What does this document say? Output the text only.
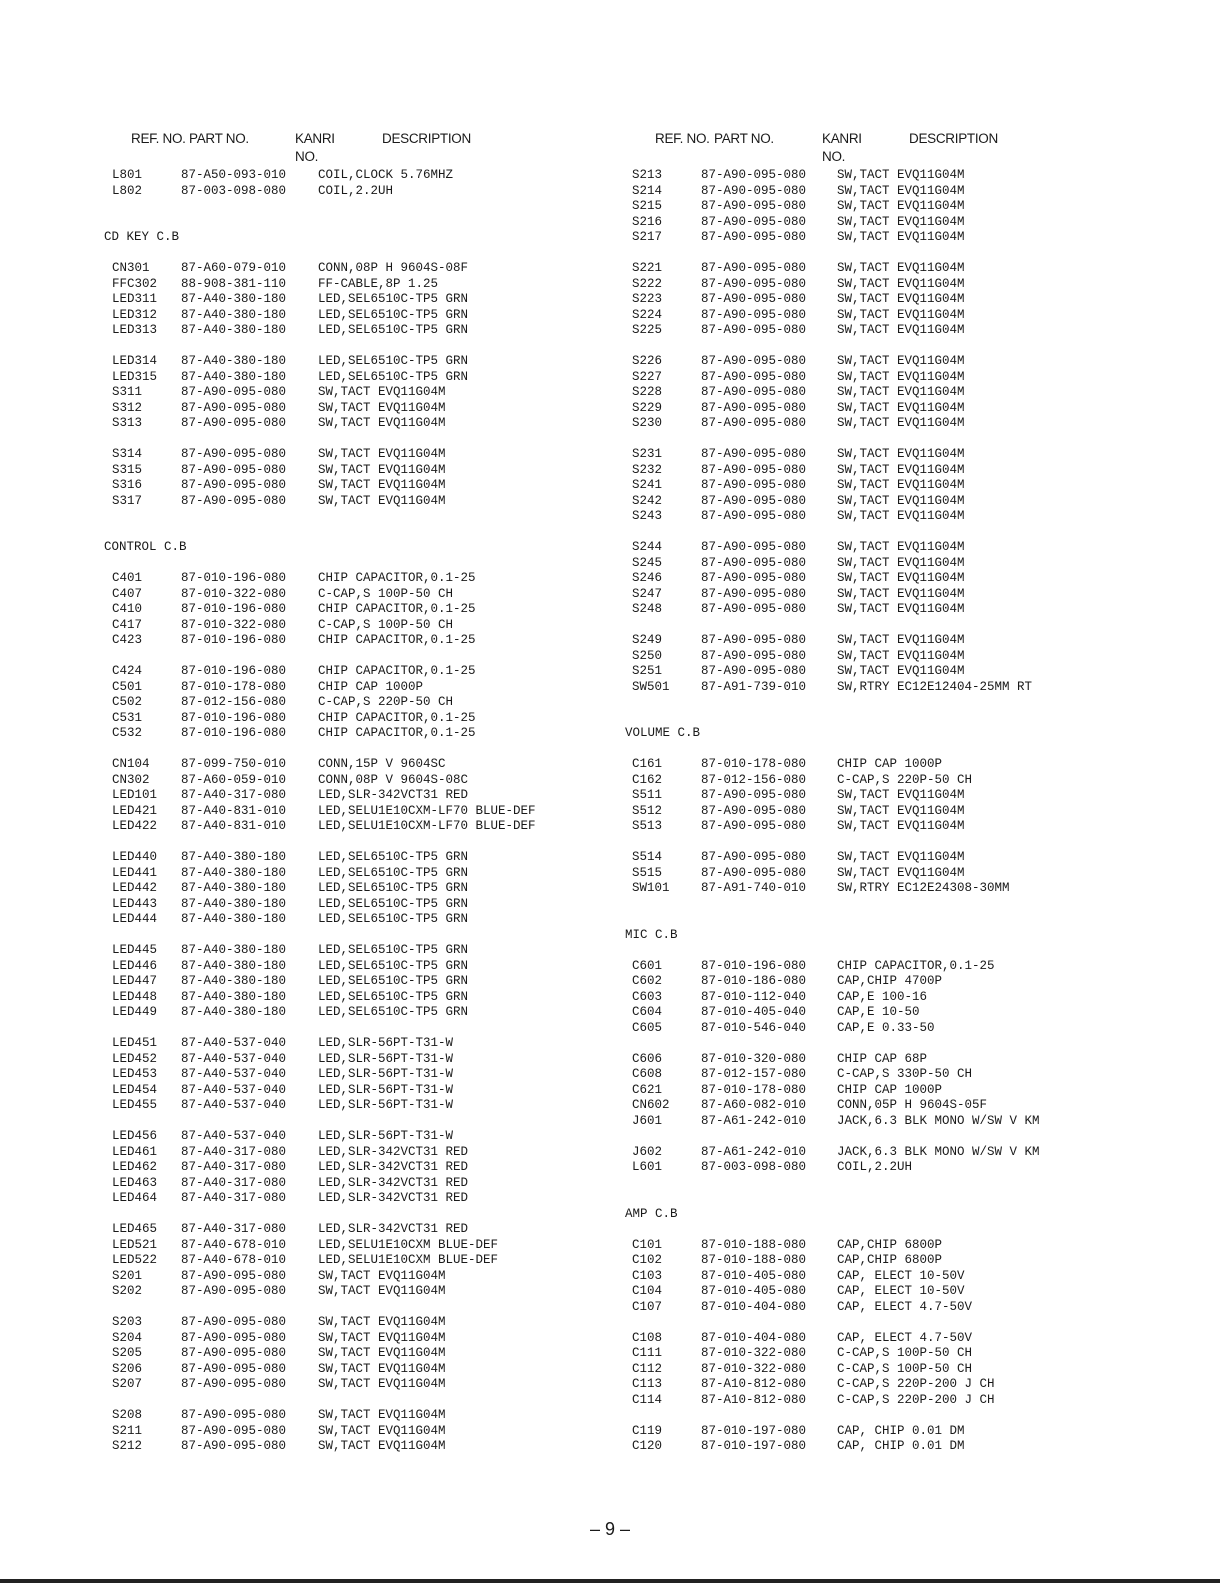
REF. NO. PART NO.	KANRI
NO.
DESCRIPTION
L801	87-A50-093-010	COIL,CLOCK 5.76MHZ
L802	87-003-098-080	COIL,2.2UH
CD KEY C.B
CN301	87-A60-079-010	CONN,08P H 9604S-08F
FFC302 88-908-381-110	FF-CABLE,8P 1.25
LED311 87-A40-380-180	LED,SEL6510C-TP5 GRN
LED312 87-A40-380-180	LED,SEL6510C-TP5 GRN
LED313 87-A40-380-180	LED,SEL6510C-TP5 GRN
LED314 87-A40-380-180	LED,SEL6510C-TP5 GRN
LED315 87-A40-380-180	LED,SEL6510C-TP5 GRN
S311	87-A90-095-080	SW,TACT EVQ11G04M
S312	87-A90-095-080	SW,TACT EVQ11G04M
S313	87-A90-095-080	SW,TACT EVQ11G04M
S314	87-A90-095-080	SW,TACT EVQ11G04M
S315	87-A90-095-080	SW,TACT EVQ11G04M
S316	87-A90-095-080	SW,TACT EVQ11G04M
S317	87-A90-095-080	SW,TACT EVQ11G04M
CONTROL C.B
C401	87-010-196-080	CHIP CAPACITOR,0.1-25
C407	87-010-322-080	C-CAP,S 100P-50 CH
C410	87-010-196-080	CHIP CAPACITOR,0.1-25
C417	87-010-322-080	C-CAP,S 100P-50 CH
C423	87-010-196-080	CHIP CAPACITOR,0.1-25
C424	87-010-196-080	CHIP CAPACITOR,0.1-25
C501	87-010-178-080	CHIP CAP 1000P
C502	87-012-156-080	C-CAP,S 220P-50 CH
C531	87-010-196-080	CHIP CAPACITOR,0.1-25
C532	87-010-196-080	CHIP CAPACITOR,0.1-25
CN104	87-099-750-010	CONN,15P V 9604SC
CN302	87-A60-059-010	CONN,08P V 9604S-08C
LED101 87-A40-317-080	LED,SLR-342VCT31 RED
LED421 87-A40-831-010	LED,SELU1E10CXM-LF70 BLUE-DEF
LED422 87-A40-831-010	LED,SELU1E10CXM-LF70 BLUE-DEF
LED440 87-A40-380-180	LED,SEL6510C-TP5 GRN
LED441 87-A40-380-180	LED,SEL6510C-TP5 GRN
LED442 87-A40-380-180	LED,SEL6510C-TP5 GRN
LED443 87-A40-380-180	LED,SEL6510C-TP5 GRN
LED444 87-A40-380-180	LED,SEL6510C-TP5 GRN
LED445 87-A40-380-180	LED,SEL6510C-TP5 GRN
LED446 87-A40-380-180	LED,SEL6510C-TP5 GRN
LED447 87-A40-380-180	LED,SEL6510C-TP5 GRN
LED448 87-A40-380-180	LED,SEL6510C-TP5 GRN
LED449 87-A40-380-180	LED,SEL6510C-TP5 GRN
LED451 87-A40-537-040	LED,SLR-56PT-T31-W
LED452 87-A40-537-040	LED,SLR-56PT-T31-W
LED453 87-A40-537-040	LED,SLR-56PT-T31-W
LED454 87-A40-537-040	LED,SLR-56PT-T31-W
LED455 87-A40-537-040	LED,SLR-56PT-T31-W
LED456 87-A40-537-040	LED,SLR-56PT-T31-W
LED461 87-A40-317-080	LED,SLR-342VCT31 RED
LED462 87-A40-317-080	LED,SLR-342VCT31 RED
LED463 87-A40-317-080	LED,SLR-342VCT31 RED
LED464 87-A40-317-080	LED,SLR-342VCT31 RED
LED465 87-A40-317-080	LED,SLR-342VCT31 RED
LED521 87-A40-678-010	LED,SELU1E10CXM BLUE-DEF
LED522 87-A40-678-010	LED,SELU1E10CXM BLUE-DEF
S201	87-A90-095-080	SW,TACT EVQ11G04M
S202	87-A90-095-080	SW,TACT EVQ11G04M
S203	87-A90-095-080	SW,TACT EVQ11G04M
S204	87-A90-095-080	SW,TACT EVQ11G04M
S205	87-A90-095-080	SW,TACT EVQ11G04M
S206	87-A90-095-080	SW,TACT EVQ11G04M
S207	87-A90-095-080	SW,TACT EVQ11G04M
S208	87-A90-095-080	SW,TACT EVQ11G04M
S211	87-A90-095-080	SW,TACT EVQ11G04M
S212	87-A90-095-080	SW,TACT EVQ11G04M
REF. NO. PART NO.	KANRI
NO.
DESCRIPTION
S213	87-A90-095-080 SW,TACT EVQ11G04M
S214	87-A90-095-080 SW,TACT EVQ11G04M
S215	87-A90-095-080 SW,TACT EVQ11G04M
S216	87-A90-095-080 SW,TACT EVQ11G04M
S217	87-A90-095-080 SW,TACT EVQ11G04M
S221	87-A90-095-080 SW,TACT EVQ11G04M
S222	87-A90-095-080 SW,TACT EVQ11G04M
S223	87-A90-095-080 SW,TACT EVQ11G04M
S224	87-A90-095-080 SW,TACT EVQ11G04M
S225	87-A90-095-080 SW,TACT EVQ11G04M
S226	87-A90-095-080 SW,TACT EVQ11G04M
S227	87-A90-095-080 SW,TACT EVQ11G04M
S228	87-A90-095-080 SW,TACT EVQ11G04M
S229	87-A90-095-080 SW,TACT EVQ11G04M
S230	87-A90-095-080 SW,TACT EVQ11G04M
S231	87-A90-095-080 SW,TACT EVQ11G04M
S232	87-A90-095-080 SW,TACT EVQ11G04M
S241	87-A90-095-080 SW,TACT EVQ11G04M
S242	87-A90-095-080 SW,TACT EVQ11G04M
S243	87-A90-095-080 SW,TACT EVQ11G04M
S244	87-A90-095-080 SW,TACT EVQ11G04M
S245	87-A90-095-080 SW,TACT EVQ11G04M
S246	87-A90-095-080 SW,TACT EVQ11G04M
S247	87-A90-095-080 SW,TACT EVQ11G04M
S248	87-A90-095-080 SW,TACT EVQ11G04M
S249	87-A90-095-080 SW,TACT EVQ11G04M
S250	87-A90-095-080 SW,TACT EVQ11G04M
S251	87-A90-095-080 SW,TACT EVQ11G04M
SW501	87-A91-739-010 SW,RTRY EC12E12404-25MM RT
VOLUME C.B
C161	87-010-178-080 CHIP CAP 1000P
C162	87-012-156-080 C-CAP,S 220P-50 CH
S511	87-A90-095-080 SW,TACT EVQ11G04M
S512	87-A90-095-080 SW,TACT EVQ11G04M
S513	87-A90-095-080 SW,TACT EVQ11G04M
S514	87-A90-095-080 SW,TACT EVQ11G04M
S515	87-A90-095-080 SW,TACT EVQ11G04M
SW101	87-A91-740-010 SW,RTRY EC12E24308-30MM
MIC C.B
C601	87-010-196-080 CHIP CAPACITOR,0.1-25
C602	87-010-186-080 CAP,CHIP 4700P
C603	87-010-112-040 CAP,E 100-16
C604	87-010-405-040 CAP,E 10-50
C605	87-010-546-040 CAP,E 0.33-50
C606	87-010-320-080 CHIP CAP 68P
C608	87-012-157-080 C-CAP,S 330P-50 CH
C621	87-010-178-080 CHIP CAP 1000P
CN602	87-A60-082-010 CONN,05P H 9604S-05F
J601	87-A61-242-010 JACK,6.3 BLK MONO W/SW V KM
J602	87-A61-242-010 JACK,6.3 BLK MONO W/SW V KM
L601	87-003-098-080 COIL,2.2UH
AMP C.B
C101	87-010-188-080 CAP,CHIP 6800P
C102	87-010-188-080 CAP,CHIP 6800P
C103	87-010-405-080 CAP, ELECT 10-50V
C104	87-010-405-080 CAP, ELECT 10-50V
C107	87-010-404-080 CAP, ELECT 4.7-50V
C108	87-010-404-080 CAP, ELECT 4.7-50V
C111	87-010-322-080 C-CAP,S 100P-50 CH
C112	87-010-322-080 C-CAP,S 100P-50 CH
C113	87-A10-812-080 C-CAP,S 220P-200 J CH
C114	87-A10-812-080 C-CAP,S 220P-200 J CH
C119	87-010-197-080 CAP, CHIP 0.01 DM
C120	87-010-197-080 CAP, CHIP 0.01 DM
– 9 –
